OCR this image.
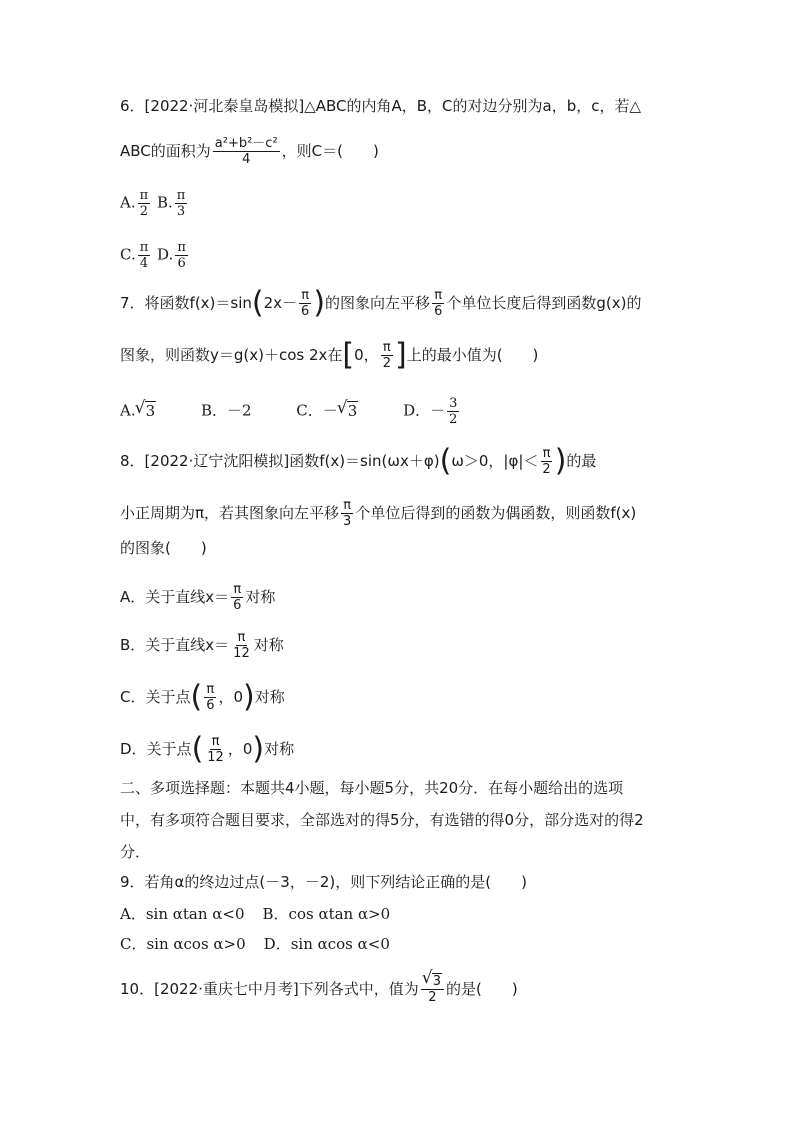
6．[2022·河北秦皇岛模拟]△ABC的内角A，B，C的对边分别为a，b，c，若△
ABC的面积为 $\frac{\text{a²+b²－c²}}{4}$ ，则C＝(　　)
A. $\frac{\pi}{2} B$. $\frac{\pi}{3}$
C. $\frac{\pi}{4} D$. $\frac{\pi}{6}$
7．将函数$f(x)=\sin(2x- \frac{\pi}{6}$ )的图象向左平移 $\frac{\pi}{6}$ 个单位长度后得到函数g(x)的
图象，则函数y＝g(x)＋cos 2x在[0， $\frac{\pi}{2}$ ]上的最小值为(　　)
A. √ 3	B．－2	C．－ √ 3	D．－ $\frac{3}{2}$
8．[2022·辽宁沈阳模拟]函数f(x)＝sin(ωx＋φ)(ω＞0，$|\varphi|< \frac{\pi}{2}$ )的最
小正周期为π，若其图象向左平移 $\frac{\pi}{3}$ 个单位后得到的函数为偶函数，则函数f(x)
的图象(　　)
A．关于直线$x= \frac{\pi}{6}$ 对称
B．关于直线$x= \frac{\pi}{12}$ 对称
C．关于点( $\frac{\pi}{6}$ ，0)对称
D．关于点( $\frac{\pi}{12}$ ，0)对称
二、多项选择题：本题共4小题，每小题5分，共20分．在每小题给出的选项
中，有多项符合题目要求，全部选对的得5分，有选错的得0分，部分选对的得2
分．
9．若角α的终边过点(－3，－2)，则下列结论正确的是(　　)
A．sin αtan α<0 B．cos αtan α>0
C．sin αcos α>0 D．sin αcos α<0
10．[2022·重庆七中月考]下列各式中，值为 √ $\frac{3}{2}$ 的是(　　)
